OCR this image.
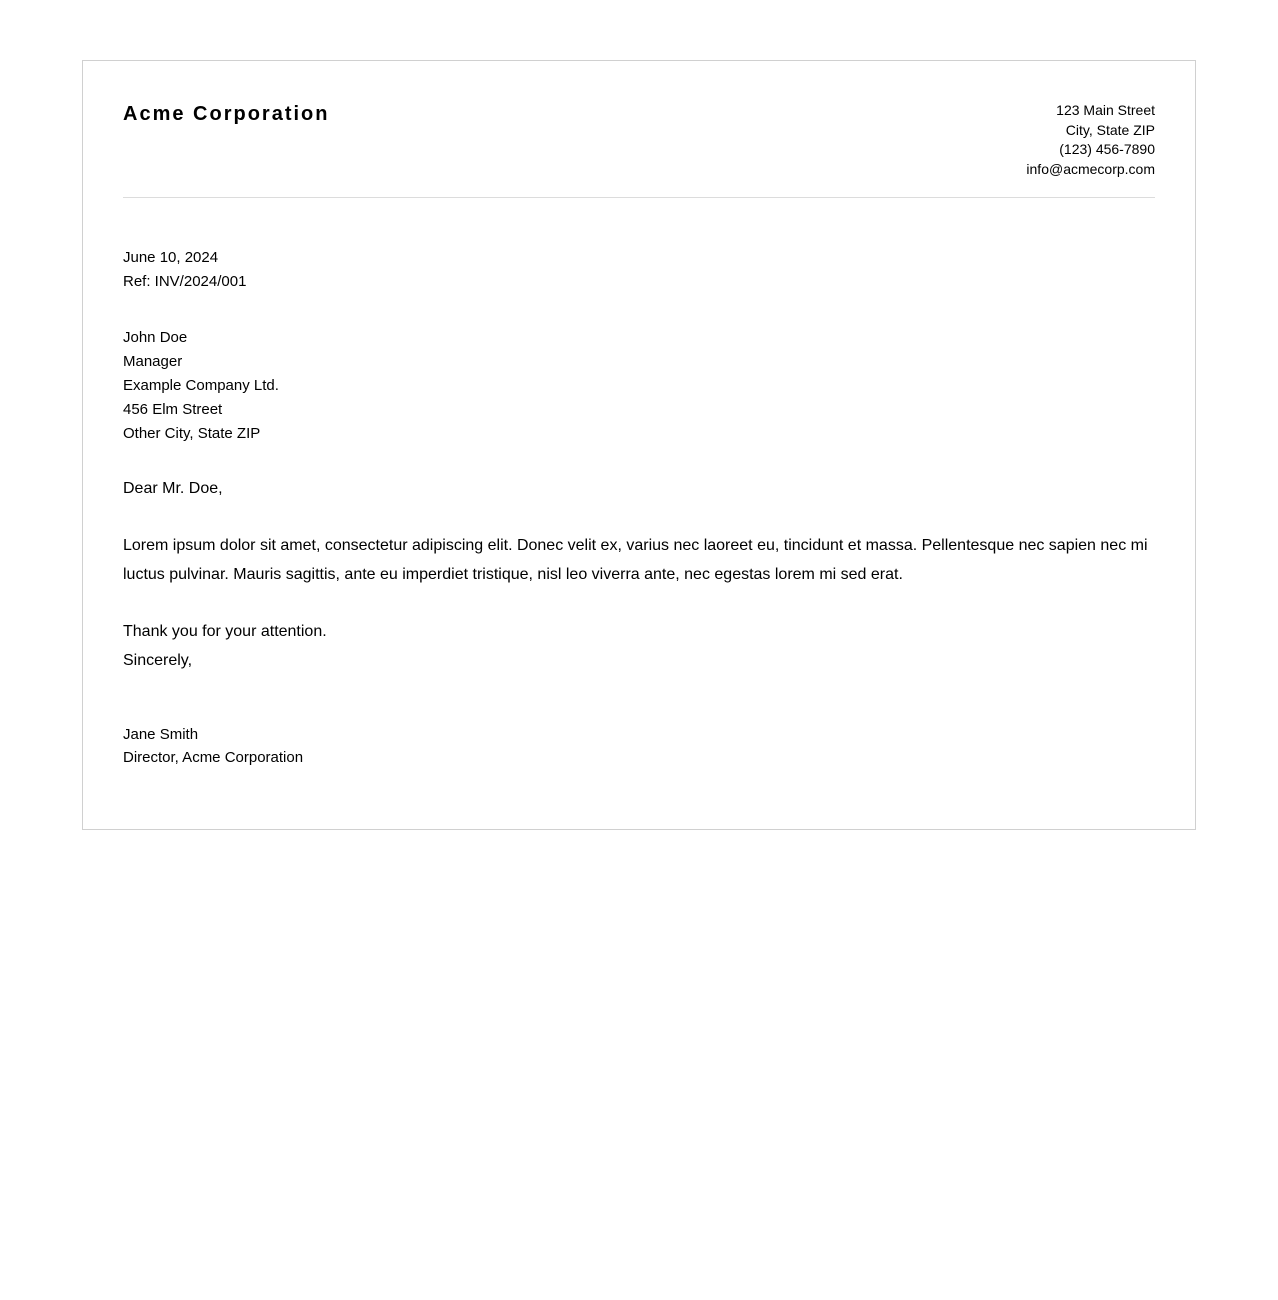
Acme Corporation	123 Main Street
City, State ZIP
(123) 456-7890
info@acmecorp.com
June 10, 2024
Ref: INV/2024/001
John Doe
Manager
Example Company Ltd.
456 Elm Street
Other City, State ZIP
Dear Mr. Doe,
Lorem ipsum dolor sit amet, consectetur adipiscing elit. Donec velit ex, varius nec laoreet eu, tincidunt et massa. Pellentesque nec sapien nec mi luctus pulvinar. Mauris sagittis, ante eu imperdiet tristique, nisl leo viverra ante, nec egestas lorem mi sed erat.
Thank you for your attention.
Sincerely,
Jane Smith
Director, Acme Corporation
